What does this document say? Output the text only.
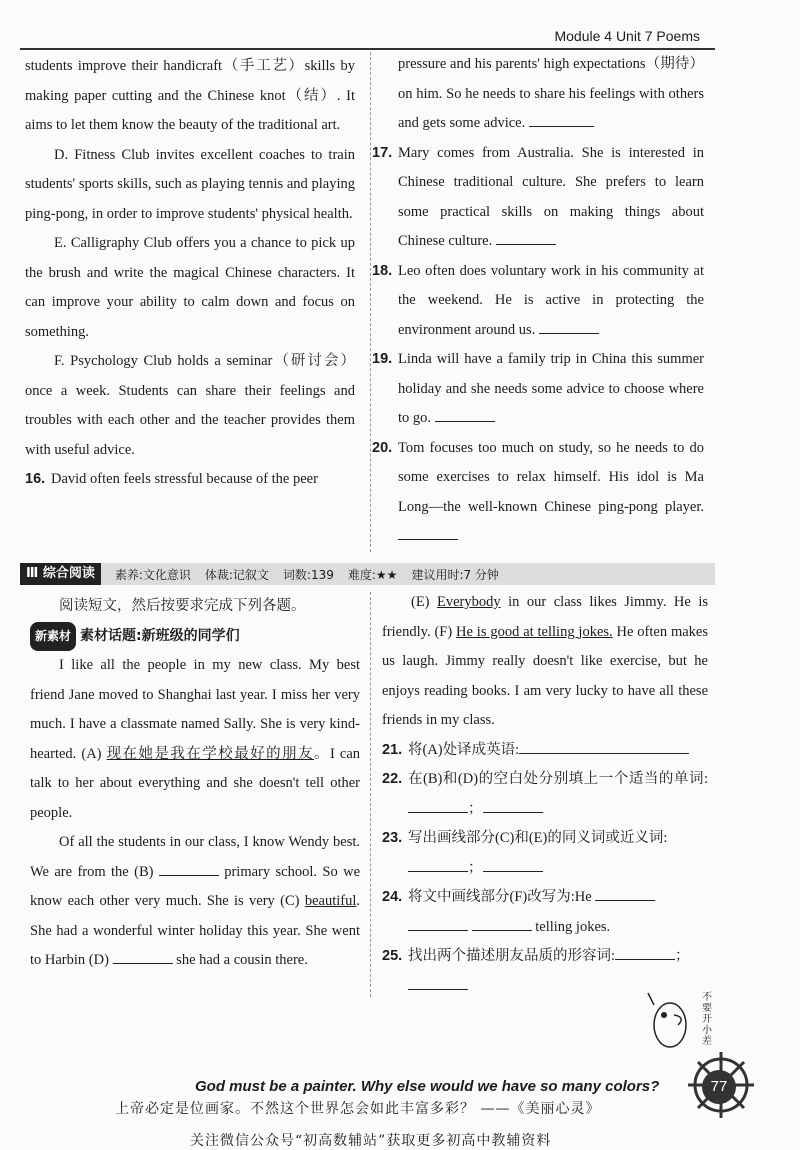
Module 4 Unit 7 Poems

students improve their handicraft（手工艺）skills by making paper cutting and the Chinese knot（结）. It aims to let them know the beauty of the traditional art.

D. Fitness Club invites excellent coaches to train students' sports skills, such as playing tennis and playing ping-pong, in order to improve students' physical health.

E. Calligraphy Club offers you a chance to pick up the brush and write the magical Chinese characters. It can improve your ability to calm down and focus on something.

F. Psychology Club holds a seminar（研讨会）once a week. Students can share their feelings and troubles with each other and the teacher provides them with useful advice.

16. David often feels stressful because of the peer
pressure and his parents' high expectations（期待）on him. So he needs to share his feelings with others and gets some advice.
17. Mary comes from Australia. She is interested in Chinese traditional culture. She prefers to learn some practical skills on making things about Chinese culture.
18. Leo often does voluntary work in his community at the weekend. He is active in protecting the environment around us.
19. Linda will have a family trip in China this summer holiday and she needs some advice to choose where to go.
20. Tom focuses too much on study, so he needs to do some exercises to relax himself. His idol is Ma Long—the well-known Chinese ping-pong player.
Ⅲ 综合阅读	素养:文化意识 体裁:记叙文 词数:139 难度:★★ 建议用时:7 分钟

阅读短文，然后按要求完成下列各题。

新素材 素材话题:新班级的同学们

I like all the people in my new class. My best friend Jane moved to Shanghai last year. I miss her very much. I have a classmate named Sally. She is very kind-hearted. (A) 现在她是我在学校最好的朋友。I can talk to her about everything and she doesn't tell other people.

Of all the students in our class, I know Wendy best. We are from the (B)	primary school. So we know each other very much. She is very (C) beautiful. She had a wonderful winter holiday this year. She went to Harbin (D)	she had a cousin there.

(E) Everybody in our class likes Jimmy. He is friendly. (F) He is good at telling jokes. He often makes us laugh. Jimmy really doesn't like exercise, but he enjoys reading books. I am very lucky to have all these friends in my class.

21. 将(A)处译成英语:
22. 在(B)和(D)的空白处分别填上一个适当的单词:；
23. 写出画线部分(C)和(E)的同义词或近义词:
；
24. 将文中画线部分(F)改写为:He
telling jokes.
25. 找出两个描述朋友品质的形容词:	；

不要开小差
77
God must be a painter. Why else would we have so many colors?
上帝必定是位画家。不然这个世界怎会如此丰富多彩？ ——《美丽心灵》
关注微信公众号“初高数辅站”获取更多初高中教辅资料
